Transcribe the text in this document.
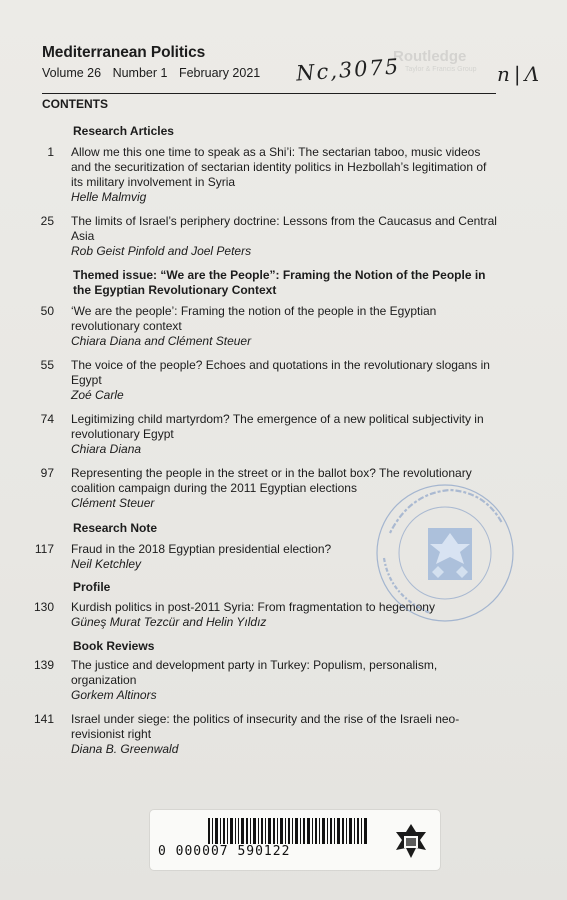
Mediterranean Politics
Volume 26 Number 1 February 2021
Routledge
Taylor & Francis Group
Nc,3075	n|Λ
CONTENTS
Research Articles
1 Allow me this one time to speak as a Shi’i: The sectarian taboo, music videos and the securitization of sectarian identity politics in Hezbollah’s legitimation of its military involvement in Syria
Helle Malmvig
25 The limits of Israel’s periphery doctrine: Lessons from the Caucasus and Central Asia
Rob Geist Pinfold and Joel Peters
Themed issue: “We are the People”: Framing the Notion of the People in the Egyptian Revolutionary Context
50 ‘We are the people’: Framing the notion of the people in the Egyptian revolutionary context
Chiara Diana and Clément Steuer
55 The voice of the people? Echoes and quotations in the revolutionary slogans in Egypt
Zoé Carle
74 Legitimizing child martyrdom? The emergence of a new political subjectivity in revolutionary Egypt
Chiara Diana
97 Representing the people in the street or in the ballot box? The revolutionary coalition campaign during the 2011 Egyptian elections
Clément Steuer
Research Note
117 Fraud in the 2018 Egyptian presidential election?
Neil Ketchley
Profile
130 Kurdish politics in post-2011 Syria: From fragmentation to hegemony
Güneş Murat Tezcür and Helin Yıldız
Book Reviews
139 The justice and development party in Turkey: Populism, personalism, organization
Gorkem Altinors
141 Israel under siege: the politics of insecurity and the rise of the Israeli neo-revisionist right
Diana B. Greenwald
0 000007 590122
